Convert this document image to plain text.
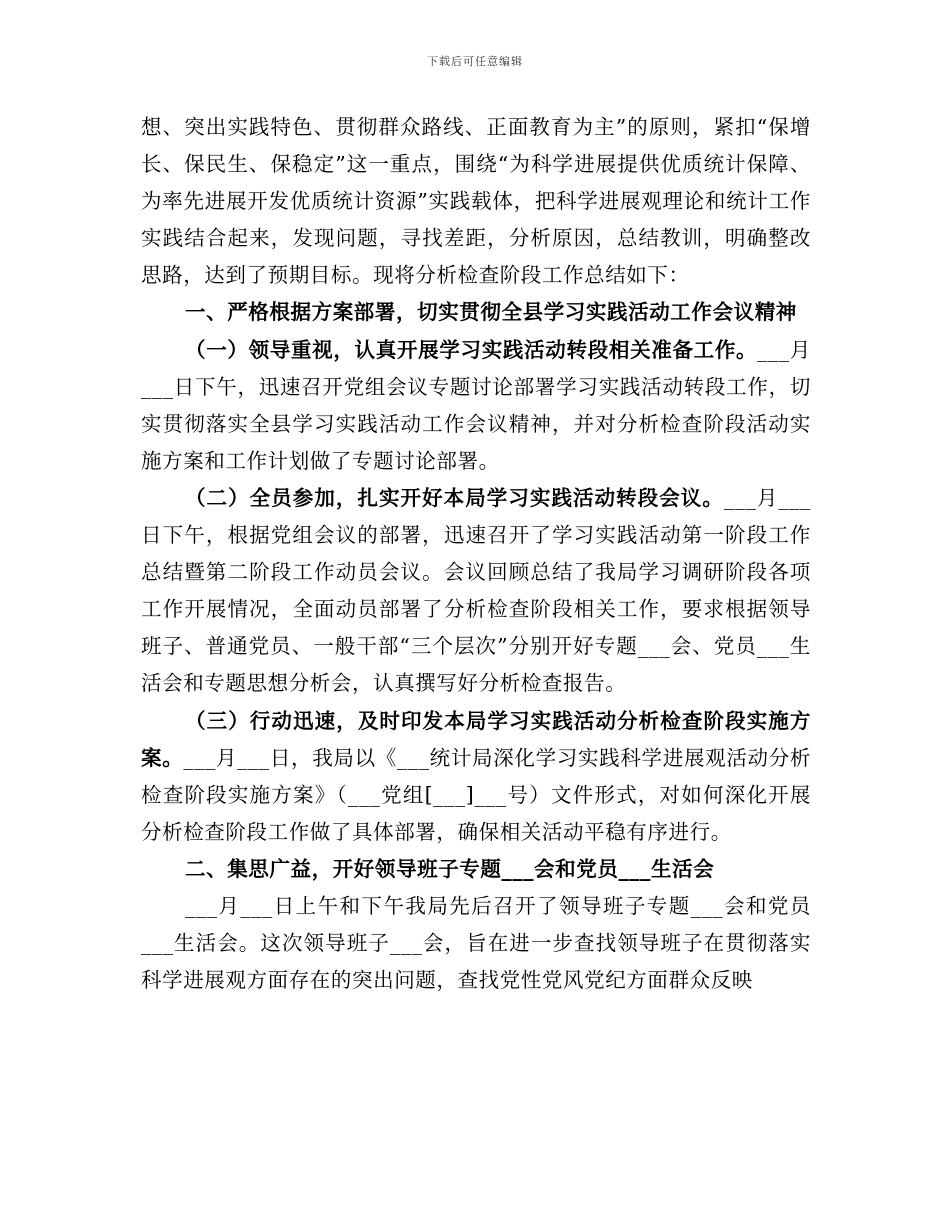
下载后可任意编辑

想、突出实践特色、贯彻群众路线、正面教育为主”的原则，紧扣“保增长、保民生、保稳定”这一重点，围绕“为科学进展提供优质统计保障、为率先进展开发优质统计资源”实践载体，把科学进展观理论和统计工作实践结合起来，发现问题，寻找差距，分析原因，总结教训，明确整改思路，达到了预期目标。现将分析检查阶段工作总结如下：

一、严格根据方案部署，切实贯彻全县学习实践活动工作会议精神

（一）领导重视，认真开展学习实践活动转段相关准备工作。___月___日下午，迅速召开党组会议专题讨论部署学习实践活动转段工作，切实贯彻落实全县学习实践活动工作会议精神，并对分析检查阶段活动实施方案和工作计划做了专题讨论部署。

（二）全员参加，扎实开好本局学习实践活动转段会议。___月___日下午，根据党组会议的部署，迅速召开了学习实践活动第一阶段工作总结暨第二阶段工作动员会议。会议回顾总结了我局学习调研阶段各项工作开展情况，全面动员部署了分析检查阶段相关工作，要求根据领导班子、普通党员、一般干部“三个层次”分别开好专题___会、党员___生活会和专题思想分析会，认真撰写好分析检查报告。

（三）行动迅速，及时印发本局学习实践活动分析检查阶段实施方案。___月___日，我局以《___统计局深化学习实践科学进展观活动分析检查阶段实施方案》（___党组[___]___号）文件形式，对如何深化开展分析检查阶段工作做了具体部署，确保相关活动平稳有序进行。

二、集思广益，开好领导班子专题___会和党员___生活会

___月___日上午和下午我局先后召开了领导班子专题___会和党员___生活会。这次领导班子___会，旨在进一步查找领导班子在贯彻落实科学进展观方面存在的突出问题，查找党性党风党纪方面群众反映
